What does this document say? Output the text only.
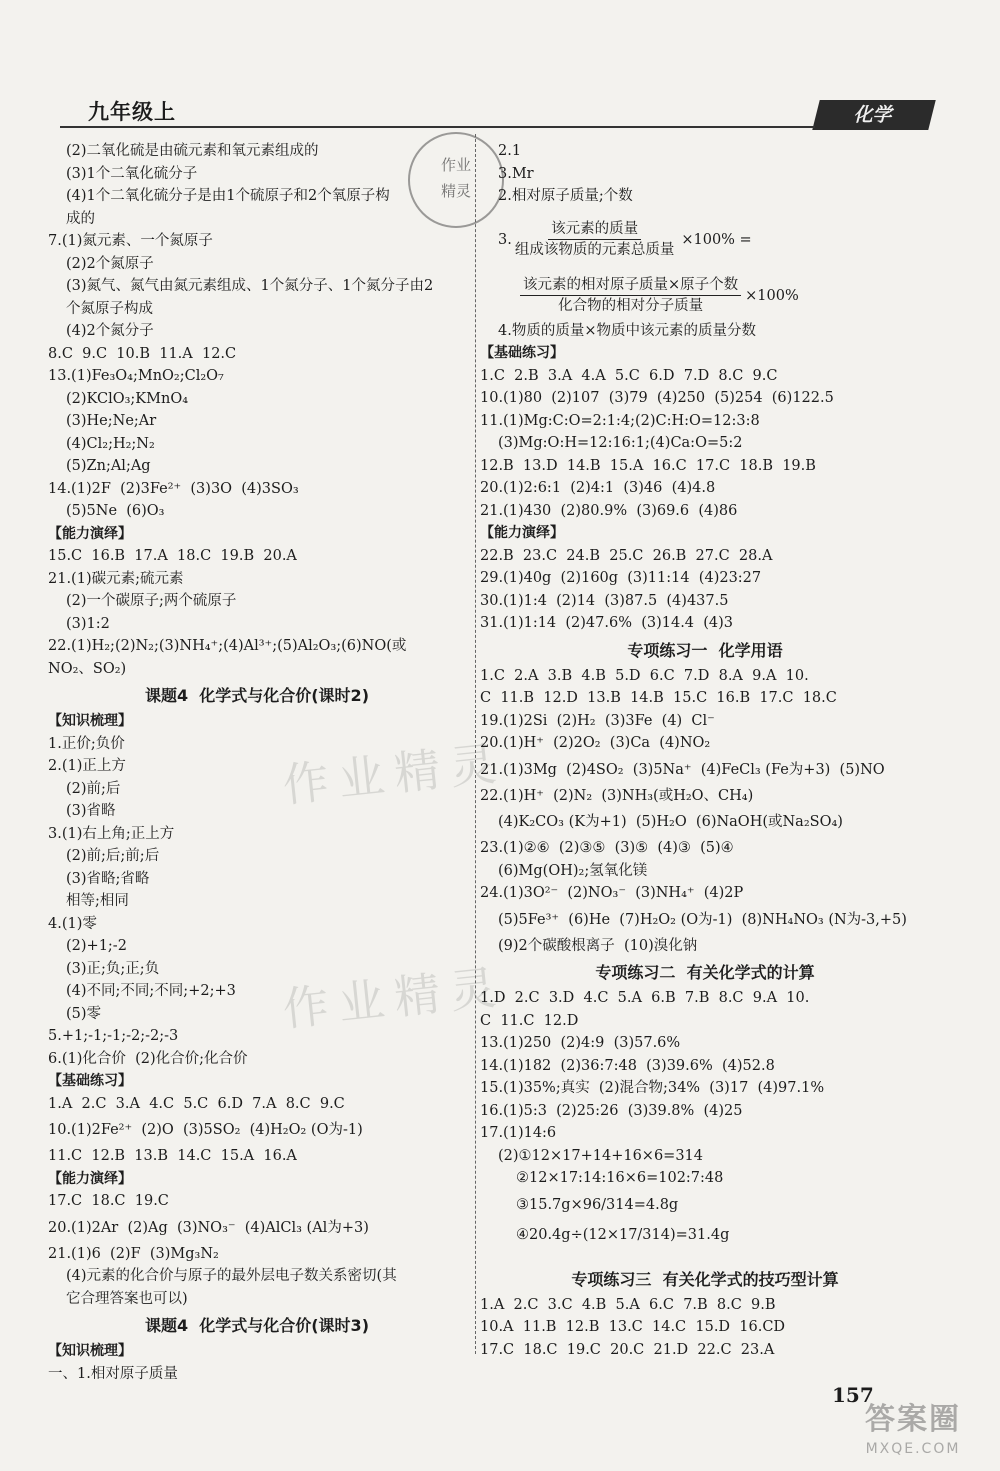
九年级上	化学
作业精灵
作业精灵
作业
精灵
(2)二氧化硫是由硫元素和氧元素组成的
(3)1个二氧化硫分子
(4)1个二氧化硫分子是由1个硫原子和2个氧原子构
成的
7.(1)氮元素、一个氮原子
(2)2个氮原子
(3)氮气、氮气由氮元素组成、1个氮分子、1个氮分子由2
个氮原子构成
(4)2个氮分子
8.C  9.C  10.B  11.A  12.C
13.(1)Fe₃O₄;MnO₂;Cl₂O₇
(2)KClO₃;KMnO₄
(3)He;Ne;Ar
(4)Cl₂;H₂;N₂
(5)Zn;Al;Ag
14.(1)2F  (2)3Fe²⁺  (3)3O  (4)3SO₃
(5)5Ne  (6)O₃
【能力演绎】
15.C  16.B  17.A  18.C  19.B  20.A
21.(1)碳元素;硫元素
(2)一个碳原子;两个硫原子
(3)1:2
22.(1)H₂;(2)N₂;(3)NH₄⁺;(4)Al³⁺;(5)Al₂O₃;(6)NO(或
NO₂、SO₂)
课题4  化学式与化合价(课时2)
【知识梳理】
1.正价;负价
2.(1)正上方
(2)前;后
(3)省略
3.(1)右上角;正上方
(2)前;后;前;后
(3)省略;省略
相等;相同
4.(1)零
(2)+1;-2
(3)正;负;正;负
(4)不同;不同;不同;+2;+3
(5)零
5.+1;-1;-1;-2;-2;-3
6.(1)化合价  (2)化合价;化合价
【基础练习】
1.A  2.C  3.A  4.C  5.C  6.D  7.A  8.C  9.C
10.(1)2Fe²⁺  (2)O  (3)5SO₂  (4)H₂O₂ (O为-1)
11.C  12.B  13.B  14.C  15.A  16.A
【能力演绎】
17.C  18.C  19.C
20.(1)2Ar  (2)Ag  (3)NO₃⁻  (4)AlCl₃ (Al为+3)
21.(1)6  (2)F  (3)Mg₃N₂
(4)元素的化合价与原子的最外层电子数关系密切(其
它合理答案也可以)
课题4  化学式与化合价(课时3)
【知识梳理】
一、1.相对原子质量
2.1
3.Mr
2.相对原子质量;个数
3. $\frac{\text{该元素的质量}}{\text{组成该物质的元素总质量}} \times 100\%$ =
$\frac{\text{该元素的相对原子质量×原子个数}}{\text{化合物的相对分子质量}} \times 100\%$
4.物质的质量×物质中该元素的质量分数
【基础练习】
1.C  2.B  3.A  4.A  5.C  6.D  7.D  8.C  9.C
10.(1)80  (2)107  (3)79  (4)250  (5)254  (6)122.5
11.(1)Mg:C:O=2:1:4;(2)C:H:O=12:3:8
(3)Mg:O:H=12:16:1;(4)Ca:O=5:2
12.B  13.D  14.B  15.A  16.C  17.C  18.B  19.B
20.(1)2:6:1  (2)4:1  (3)46  (4)4.8
21.(1)430  (2)80.9%  (3)69.6  (4)86
【能力演绎】
22.B  23.C  24.B  25.C  26.B  27.C  28.A
29.(1)40g  (2)160g  (3)11:14  (4)23:27
30.(1)1:4  (2)14  (3)87.5  (4)437.5
31.(1)1:14  (2)47.6%  (3)14.4  (4)3
专项练习一  化学用语
1.C  2.A  3.B  4.B  5.D  6.C  7.D  8.A  9.A  10.
C  11.B  12.D  13.B  14.B  15.C  16.B  17.C  18.C
19.(1)2Si  (2)H₂  (3)3Fe  (4)  Cl⁻
20.(1)H⁺  (2)2O₂  (3)Ca  (4)NO₂
21.(1)3Mg  (2)4SO₂  (3)5Na⁺  (4)FeCl₃ (Fe为+3)  (5)NO
22.(1)H⁺  (2)N₂  (3)NH₃(或H₂O、CH₄)
(4)K₂CO₃ (K为+1)  (5)H₂O  (6)NaOH(或Na₂SO₄)
23.(1)②⑥  (2)③⑤  (3)⑤  (4)③  (5)④
(6)Mg(OH)₂;氢氧化镁
24.(1)3O²⁻  (2)NO₃⁻  (3)NH₄⁺  (4)2P
(5)5Fe³⁺  (6)He  (7)H₂O₂ (O为-1)  (8)NH₄NO₃ (N为-3,+5)
(9)2个碳酸根离子  (10)溴化钠
专项练习二  有关化学式的计算
1.D  2.C  3.D  4.C  5.A  6.B  7.B  8.C  9.A  10.
C  11.C  12.D
13.(1)250  (2)4:9  (3)57.6%
14.(1)182  (2)36:7:48  (3)39.6%  (4)52.8
15.(1)35%;真实  (2)混合物;34%  (3)17  (4)97.1%
16.(1)5:3  (2)25:26  (3)39.8%  (4)25
17.(1)14:6
(2)①12×17+14+16×6=314
②12×17:14:16×6=102:7:48
③15.7g×96/314=4.8g
④20.4g÷(12×17/314)=31.4g
专项练习三  有关化学式的技巧型计算
1.A  2.C  3.C  4.B  5.A  6.C  7.B  8.C  9.B
10.A  11.B  12.B  13.C  14.C  15.D  16.CD
17.C  18.C  19.C  20.C  21.D  22.C  23.A
157
答案圈
MXQE.COM
